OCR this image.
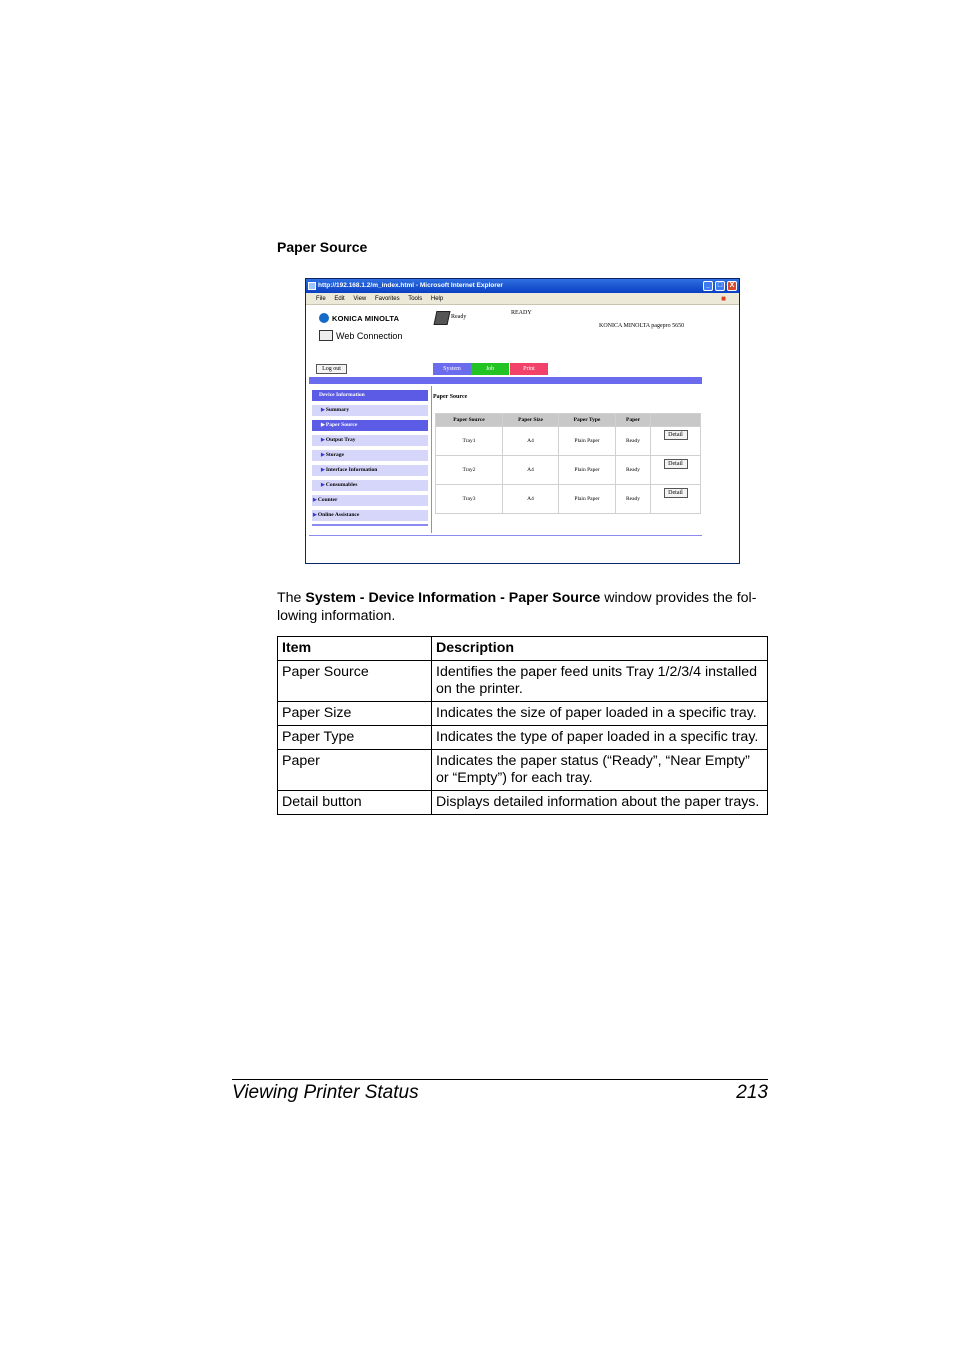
Paper Source
http://192.168.1.2/m_index.html - Microsoft Internet Explorer	_	□	X
File Edit View Favorites Tools Help	■
KONICA MINOLTA
Web Connection
Ready
READY
KONICA MINOLTA pagepro 5650
Log out	System	Job	Print
Device Information
▶Summary
▶Paper Source
▶Output Tray
▶Storage
▶Interface Information
▶Consumables
▶Counter
▶Online Assistance
Paper Source
Paper Source	Paper Size	Paper Type	Paper	
Tray1	A4	Plain Paper	Ready	Detail
Tray2	A4	Plain Paper	Ready	Detail
Tray3	A4	Plain Paper	Ready	Detail
The System - Device Information - Paper Source window provides the fol-lowing information.
Item	Description
Paper Source	Identifies the paper feed units Tray 1/2/3/4 installed on the printer.
Paper Size	Indicates the size of paper loaded in a specific tray.
Paper Type	Indicates the type of paper loaded in a specific tray.
Paper	Indicates the paper status (“Ready”, “Near Empty” or “Empty”) for each tray.
Detail button	Displays detailed information about the paper trays.
Viewing Printer Status	213
